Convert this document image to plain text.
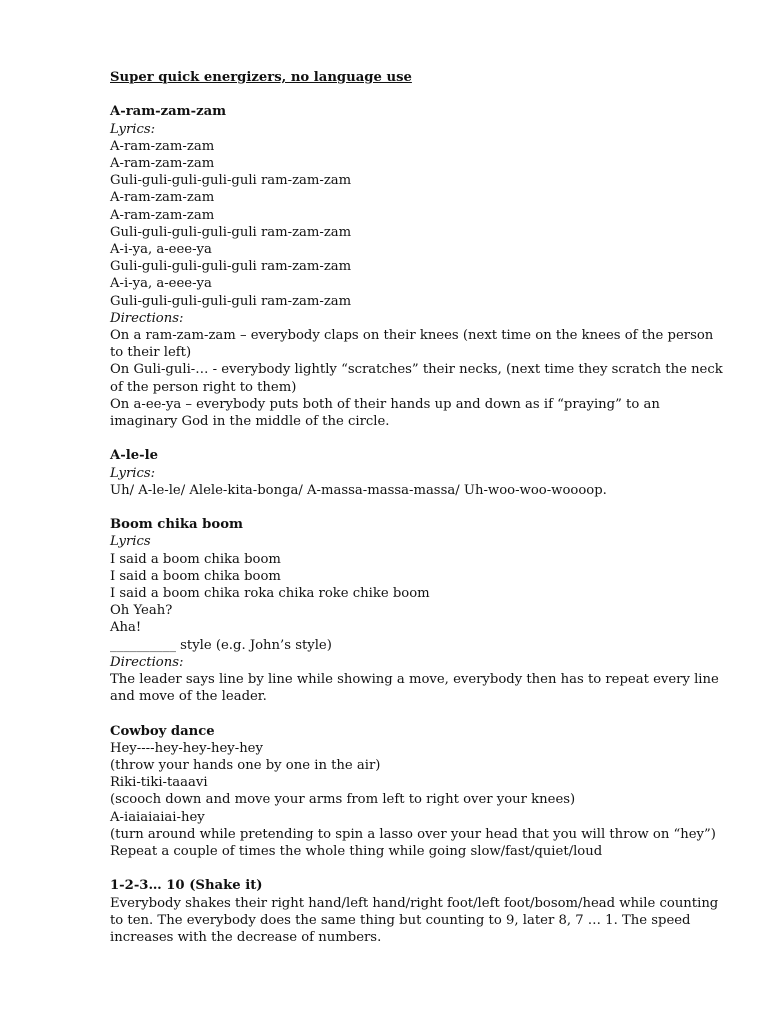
Super quick energizers, no language use
A-ram-zam-zam
Lyrics:
A-ram-zam-zam
A-ram-zam-zam
Guli-guli-guli-guli-guli ram-zam-zam
A-ram-zam-zam
A-ram-zam-zam
Guli-guli-guli-guli-guli ram-zam-zam
A-i-ya, a-eee-ya
Guli-guli-guli-guli-guli ram-zam-zam
A-i-ya, a-eee-ya
Guli-guli-guli-guli-guli ram-zam-zam
Directions:
On a ram-zam-zam – everybody claps on their knees (next time on the knees of the person to their left)
On Guli-guli-… - everybody lightly “scratches” their necks, (next time they scratch the neck of the person right to them)
On a-ee-ya – everybody puts both of their hands up and down as if “praying” to an imaginary God in the middle of the circle.
A-le-le
Lyrics:
Uh/ A-le-le/ Alele-kita-bonga/ A-massa-massa-massa/ Uh-woo-woo-woooop.
Boom chika boom
Lyrics
I said a boom chika boom
I said a boom chika boom
I said a boom chika roka chika roke chike boom
Oh Yeah?
Aha!
__________ style (e.g. John’s style)
Directions:
The leader says line by line while showing a move, everybody then has to repeat every line and move of the leader.
Cowboy dance
Hey----hey-hey-hey-hey
(throw your hands one by one in the air)
Riki-tiki-taaavi
(scooch down and move your arms from left to right over your knees)
A-iaiaiaiai-hey
(turn around while pretending to spin a lasso over your head that you will throw on “hey”)
Repeat a couple of times the whole thing while going slow/fast/quiet/loud
1-2-3… 10 (Shake it)
Everybody shakes their right hand/left hand/right foot/left foot/bosom/head while counting to ten. The everybody does the same thing but counting to 9, later 8, 7 … 1. The speed increases with the decrease of numbers.
